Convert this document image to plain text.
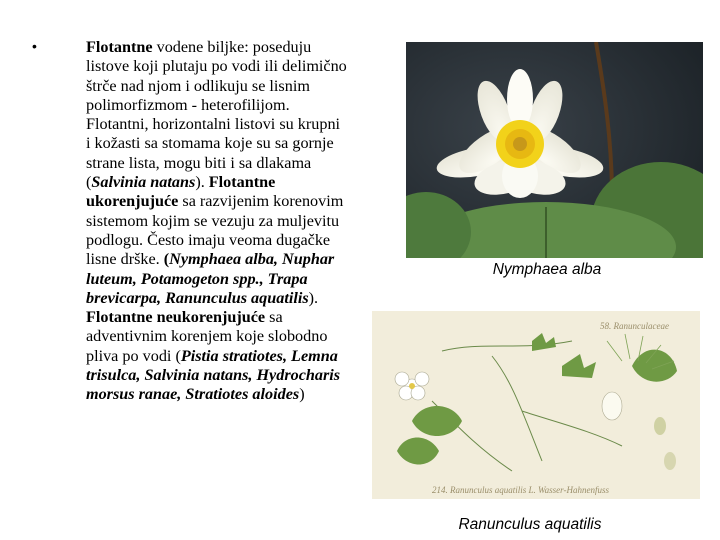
•	Flotantne vodene biljke: poseduju listove koji plutaju po vodi ili delimično štrče nad njom i odlikuju se lisnim polimorfizmom - heterofilijom. Flotantni, horizontalni listovi su krupni i kožasti sa stomama koje su sa gornje strane lista, mogu biti i sa dlakama (Salvinia natans). Flotantne ukorenjujuće sa razvijenim korenovim sistemom kojim se vezuju za muljevitu podlogu. Često imaju veoma dugačke lisne drške. (Nymphaea alba, Nuphar luteum, Potamogeton spp., Trapa brevicarpa, Ranunculus aquatilis). Flotantne neukorenjujuće sa adventivnim korenjem koje slobodno pliva po vodi (Pistia stratiotes, Lemna trisulca, Salvinia natans, Hydrocharis morsus ranae, Stratiotes aloides)
Nymphaea alba
58. Ranunculaceae
214. Ranunculus aquatilis L. Wasser-Hahnenfuss
Ranunculus aquatilis
